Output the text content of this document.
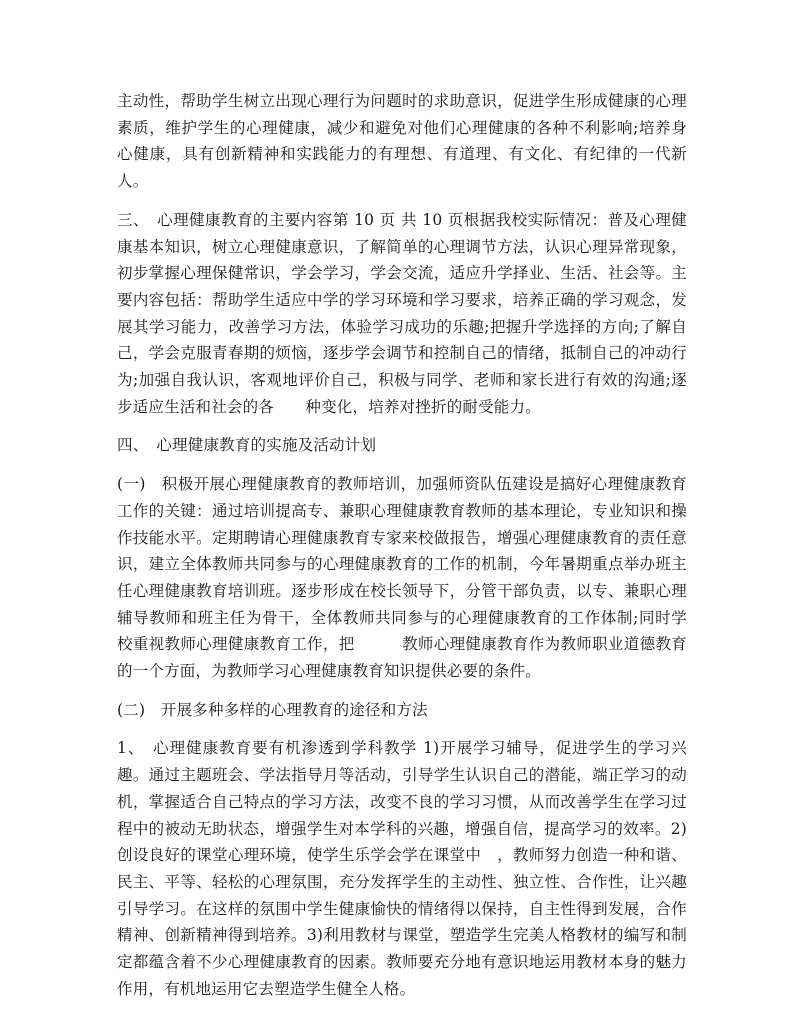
主动性，帮助学生树立出现心理行为问题时的求助意识，促进学生形成健康的心理素质，维护学生的心理健康，减少和避免对他们心理健康的各种不利影响;培养身心健康，具有创新精神和实践能力的有理想、有道理、有文化、有纪律的一代新人。

三、　心理健康教育的主要内容第 10 页 共 10 页根据我校实际情况：普及心理健康基本知识，树立心理健康意识，了解简单的心理调节方法，认识心理异常现象，初步掌握心理保健常识，学会学习，学会交流，适应升学择业、生活、社会等。主要内容包括：帮助学生适应中学的学习环境和学习要求，培养正确的学习观念，发展其学习能力，改善学习方法，体验学习成功的乐趣;把握升学选择的方向;了解自己，学会克服青春期的烦恼，逐步学会调节和控制自己的情绪，抵制自己的冲动行为;加强自我认识，客观地评价自己，积极与同学、老师和家长进行有效的沟通;逐步适应生活和社会的各　　种变化，培养对挫折的耐受能力。

四、　心理健康教育的实施及活动计划

(一)　积极开展心理健康教育的教师培训，加强师资队伍建设是搞好心理健康教育工作的关键：通过培训提高专、兼职心理健康教育教师的基本理论，专业知识和操作技能水平。定期聘请心理健康教育专家来校做报告，增强心理健康教育的责任意识，建立全体教师共同参与的心理健康教育的工作的机制，今年暑期重点举办班主任心理健康教育培训班。逐步形成在校长领导下，分管干部负责，以专、兼职心理辅导教师和班主任为骨干，全体教师共同参与的心理健康教育的工作体制;同时学校重视教师心理健康教育工作，把　　　教师心理健康教育作为教师职业道德教育的一个方面，为教师学习心理健康教育知识提供必要的条件。

(二)　开展多种多样的心理教育的途径和方法

1、　心理健康教育要有机渗透到学科教学 1)开展学习辅导，促进学生的学习兴趣。通过主题班会、学法指导月等活动，引导学生认识自己的潜能，端正学习的动机，掌握适合自己特点的学习方法，改变不良的学习习惯，从而改善学生在学习过程中的被动无助状态，增强学生对本学科的兴趣，增强自信，提高学习的效率。2)创设良好的课堂心理环境，使学生乐学会学在课堂中　，教师努力创造一种和谐、民主、平等、轻松的心理氛围，充分发挥学生的主动性、独立性、合作性，让兴趣引导学习。在这样的氛围中学生健康愉快的情绪得以保持，自主性得到发展，合作精神、创新精神得到培养。3)利用教材与课堂，塑造学生完美人格教材的编写和制定都蕴含着不少心理健康教育的因素。教师要充分地有意识地运用教材本身的魅力作用，有机地运用它去塑造学生健全人格。
